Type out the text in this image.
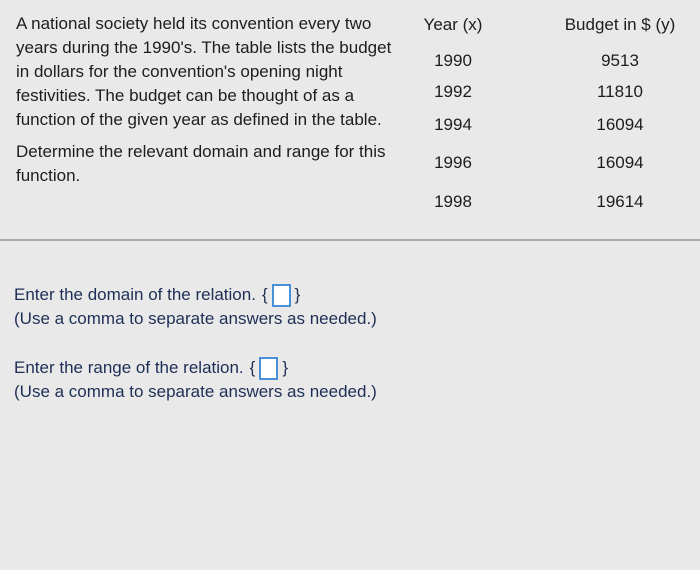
A national society held its convention every two years during the 1990's. The table lists the budget in dollars for the convention's opening night festivities. The budget can be thought of as a function of the given year as defined in the table.

Determine the relevant domain and range for this function.

Year (x)
1990
1992
1994
1996
1998
Budget in $ (y)
9513
11810
16094
16094
19614
Enter the domain of the relation. { }
(Use a comma to separate answers as needed.)
Enter the range of the relation. { }
(Use a comma to separate answers as needed.)
